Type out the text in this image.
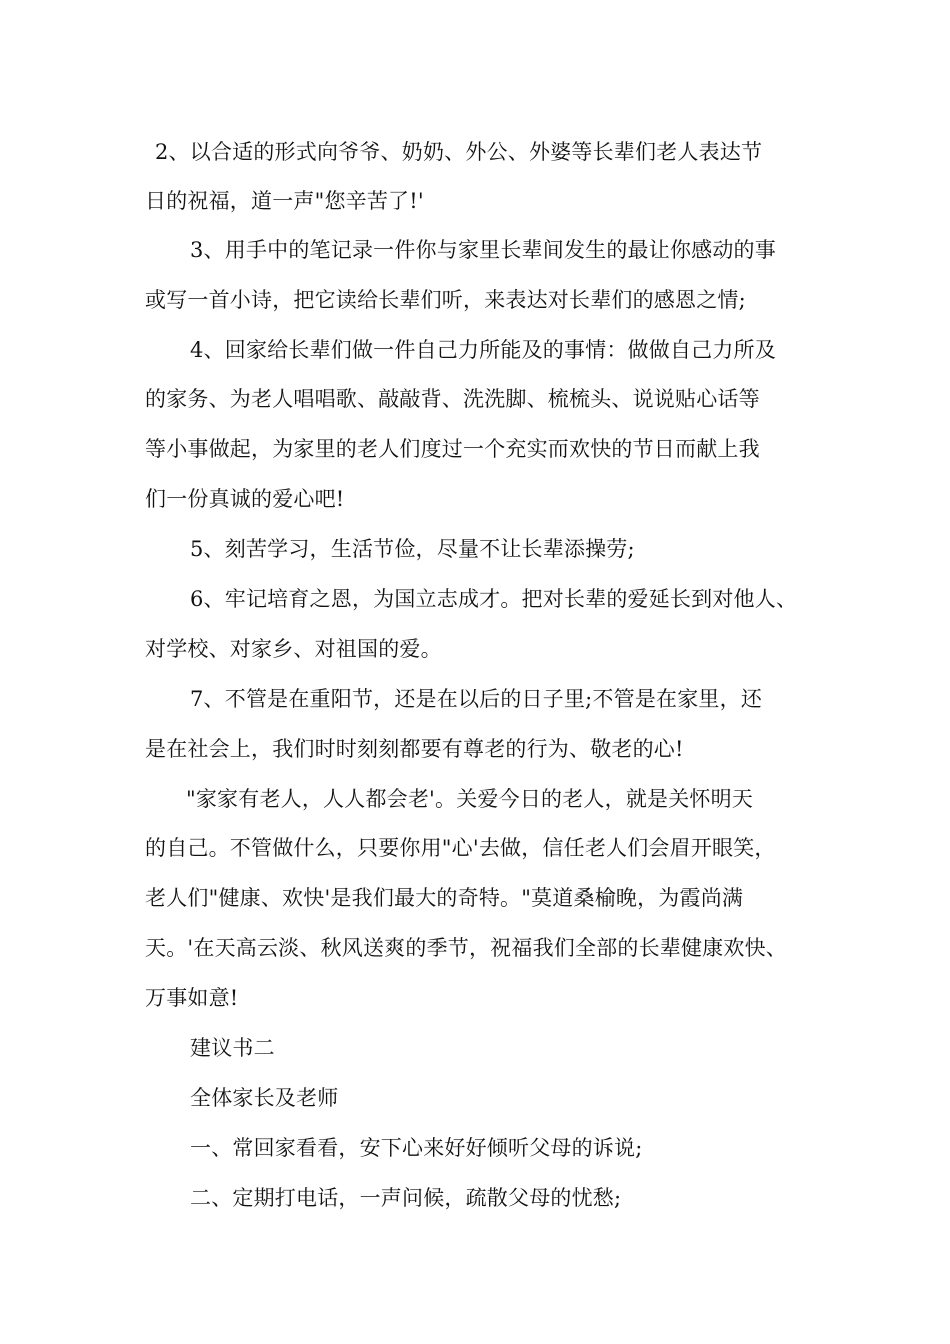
2、以合适的形式向爷爷、奶奶、外公、外婆等长辈们老人表达节
日的祝福，道一声"您辛苦了!'
3、用手中的笔记录一件你与家里长辈间发生的最让你感动的事
或写一首小诗，把它读给长辈们听，来表达对长辈们的感恩之情;
4、回家给长辈们做一件自己力所能及的事情：做做自己力所及
的家务、为老人唱唱歌、敲敲背、洗洗脚、梳梳头、说说贴心话等
等小事做起，为家里的老人们度过一个充实而欢快的节日而献上我
们一份真诚的爱心吧!
5、刻苦学习，生活节俭，尽量不让长辈添操劳;
6、牢记培育之恩，为国立志成才。把对长辈的爱延长到对他人、
对学校、对家乡、对祖国的爱。
7、不管是在重阳节，还是在以后的日子里;不管是在家里，还
是在社会上，我们时时刻刻都要有尊老的行为、敬老的心!
"家家有老人，人人都会老'。关爱今日的老人，就是关怀明天
的自己。不管做什么，只要你用"心'去做，信任老人们会眉开眼笑，
老人们"健康、欢快'是我们最大的奇特。"莫道桑榆晚，为霞尚满
天。'在天高云淡、秋风送爽的季节，祝福我们全部的长辈健康欢快、
万事如意!
建议书二
全体家长及老师
一、常回家看看，安下心来好好倾听父母的诉说;
二、定期打电话，一声问候，疏散父母的忧愁;
